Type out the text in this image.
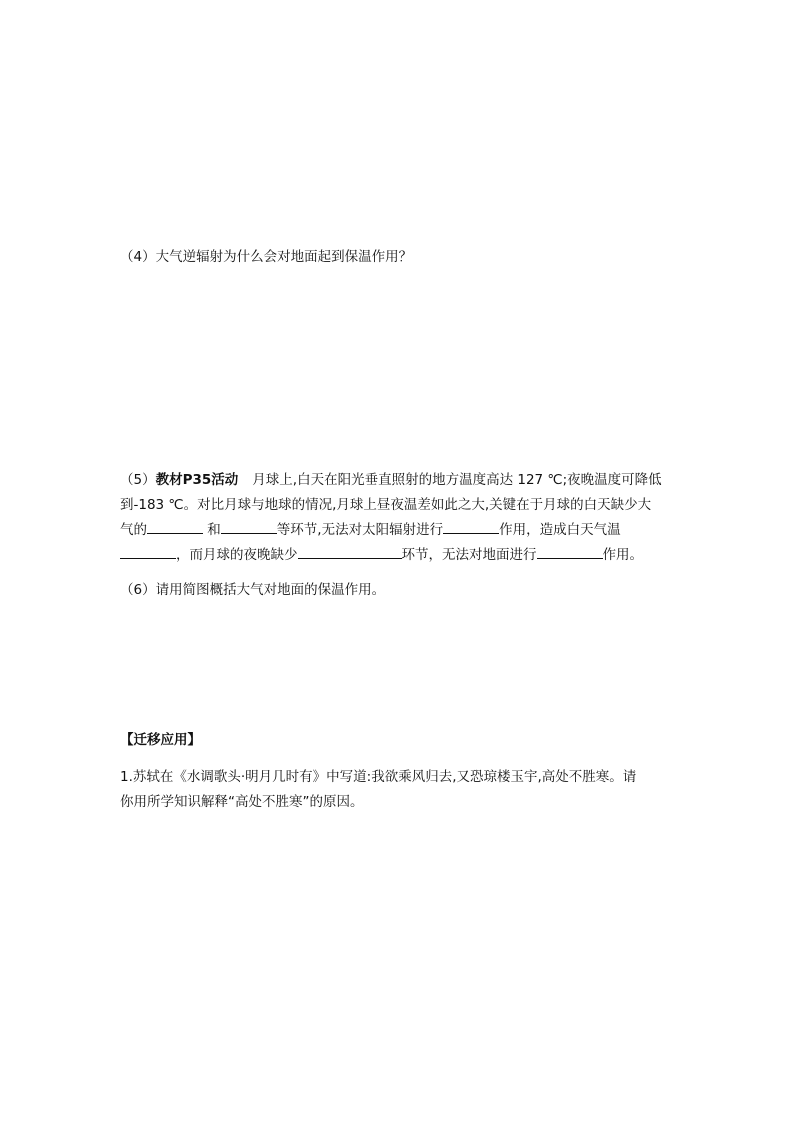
（4）大气逆辐射为什么会对地面起到保温作用？
（5）教材P35活动 月球上,白天在阳光垂直照射的地方温度高达 127 ℃;夜晚温度可降低
到-183 ℃。对比月球与地球的情况,月球上昼夜温差如此之大,关键在于月球的白天缺少大
气的	和	等环节,无法对太阳辐射进行	作用，造成白天气温
，而月球的夜晚缺少	环节，无法对地面进行	作用。
（6）请用简图概括大气对地面的保温作用。
【迁移应用】
1.苏轼在《水调歌头·明月几时有》中写道:我欲乘风归去,又恐琼楼玉宇,高处不胜寒。请
你用所学知识解释“高处不胜寒”的原因。
